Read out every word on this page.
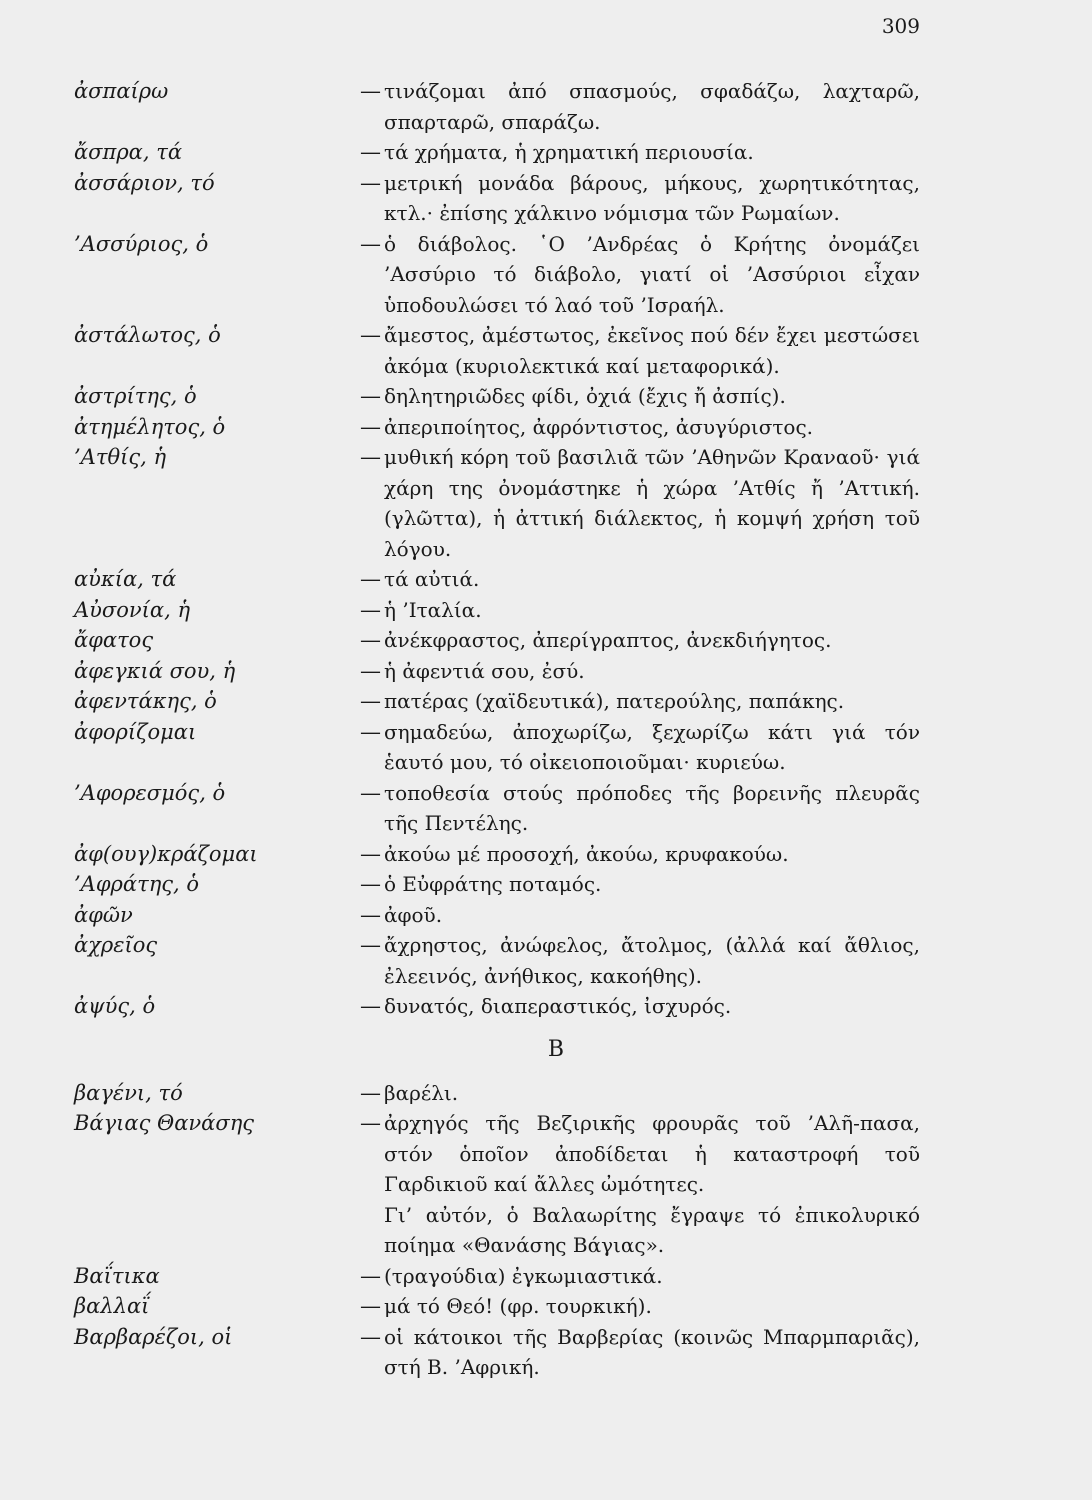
309
ἀσπαίρω	— τινάζομαι ἀπό σπασμούς, σφαδάζω, λαχταρῶ, σπαρταρῶ, σπαράζω.
ἄσπρα, τά	— τά χρήματα, ἡ χρηματική περιουσία.
ἀσσάριον, τό	— μετρική μονάδα βάρους, μήκους, χωρητικότητας, κτλ.· ἐπίσης χάλκινο νόμισμα τῶν Ρωμαίων.
’Ασσύριος, ὁ	— ὁ διάβολος. ῾Ο ’Ανδρέας ὁ Κρήτης ὀνομάζει ’Ασσύριο τό διάβολο, γιατί οἱ ’Ασσύριοι εἶχαν ὑποδουλώσει τό λαό τοῦ ’Ισραήλ.
ἀστάλωτος, ὁ	— ἄμεστος, ἀμέστωτος, ἐκεῖνος πού δέν ἔχει μεστώσει ἀκόμα (κυριολεκτικά καί μεταφορικά).
ἀστρίτης, ὁ	— δηλητηριῶδες φίδι, ὀχιά (ἔχις ἤ ἀσπίς).
ἀτημέλητος, ὁ	— ἀπεριποίητος, ἀφρόντιστος, ἀσυγύριστος.
’Ατθίς, ἡ	— μυθική κόρη τοῦ βασιλιᾶ τῶν ’Αθηνῶν Κραναοῦ· γιά χάρη της ὀνομάστηκε ἡ χώρα ’Ατθίς ἤ ’Αττική. (γλῶττα), ἡ ἀττική διάλεκτος, ἡ κομψή χρήση τοῦ λόγου.
αὐκία, τά	— τά αὐτιά.
Αὐσονία, ἡ	— ἡ ’Ιταλία.
ἄφατος	— ἀνέκφραστος, ἀπερίγραπτος, ἀνεκδιήγητος.
ἀφεγκιά σου, ἡ	— ἡ ἀφεντιά σου, ἐσύ.
ἀφεντάκης, ὁ	— πατέρας (χαϊδευτικά), πατερούλης, παπάκης.
ἀφορίζομαι	— σημαδεύω, ἀποχωρίζω, ξεχωρίζω κάτι γιά τόν ἑαυτό μου, τό οἰκειοποιοῦμαι· κυριεύω.
’Αφορεσμός, ὁ	— τοποθεσία στούς πρόποδες τῆς βορεινῆς πλευρᾶς τῆς Πεντέλης.
ἀφ(ουγ)κράζομαι	— ἀκούω μέ προσοχή, ἀκούω, κρυφακούω.
’Αφράτης, ὁ	— ὁ Εὐφράτης ποταμός.
ἀφῶν	— ἀφοῦ.
ἀχρεῖος	— ἄχρηστος, ἀνώφελος, ἄτολμος, (ἀλλά καί ἄθλιος, ἐλεεινός, ἀνήθικος, κακοήθης).
ἀψύς, ὁ	— δυνατός, διαπεραστικός, ἰσχυρός.
Β
βαγένι, τό	— βαρέλι.
Βάγιας Θανάσης	— ἀρχηγός τῆς Βεζιρικῆς φρουρᾶς τοῦ ’Αλῆ-πασα, στόν ὁποῖον ἀποδίδεται ἡ καταστροφή τοῦ Γαρδικιοῦ καί ἄλλες ὠμότητες.
Γι’ αὐτόν, ὁ Βαλαωρίτης ἔγραψε τό ἐπικολυρικό ποίημα «Θανάσης Βάγιας».
Βαΐτικα	— (τραγούδια) ἐγκωμιαστικά.
βαλλαΐ	— μά τό Θεό! (φρ. τουρκική).
Βαρβαρέζοι, οἱ	— οἱ κάτοικοι τῆς Βαρβερίας (κοινῶς Μπαρμπαριᾶς), στή Β. ’Αφρική.
